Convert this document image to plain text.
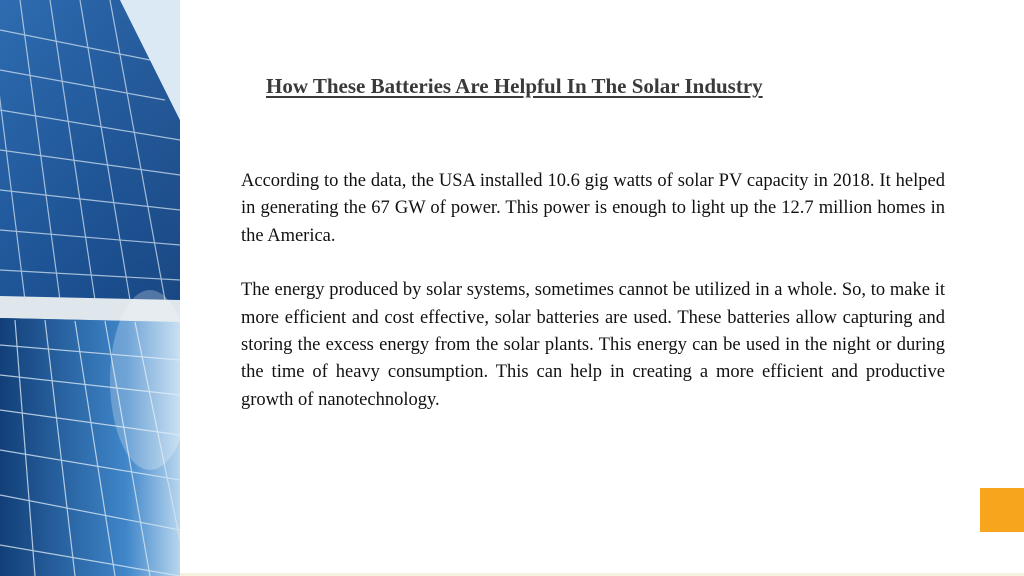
How These Batteries Are Helpful In The Solar Industry

According to the data, the USA installed 10.6 gig watts of solar PV capacity in 2018. It helped in generating the 67 GW of power. This power is enough to light up the 12.7 million homes in the America.

The energy produced by solar systems, sometimes cannot be utilized in a whole. So, to make it more efficient and cost effective, solar batteries are used. These batteries allow capturing and storing the excess energy from the solar plants. This energy can be used in the night or during the time of heavy consumption. This can help in creating a more efficient and productive growth of nanotechnology.
